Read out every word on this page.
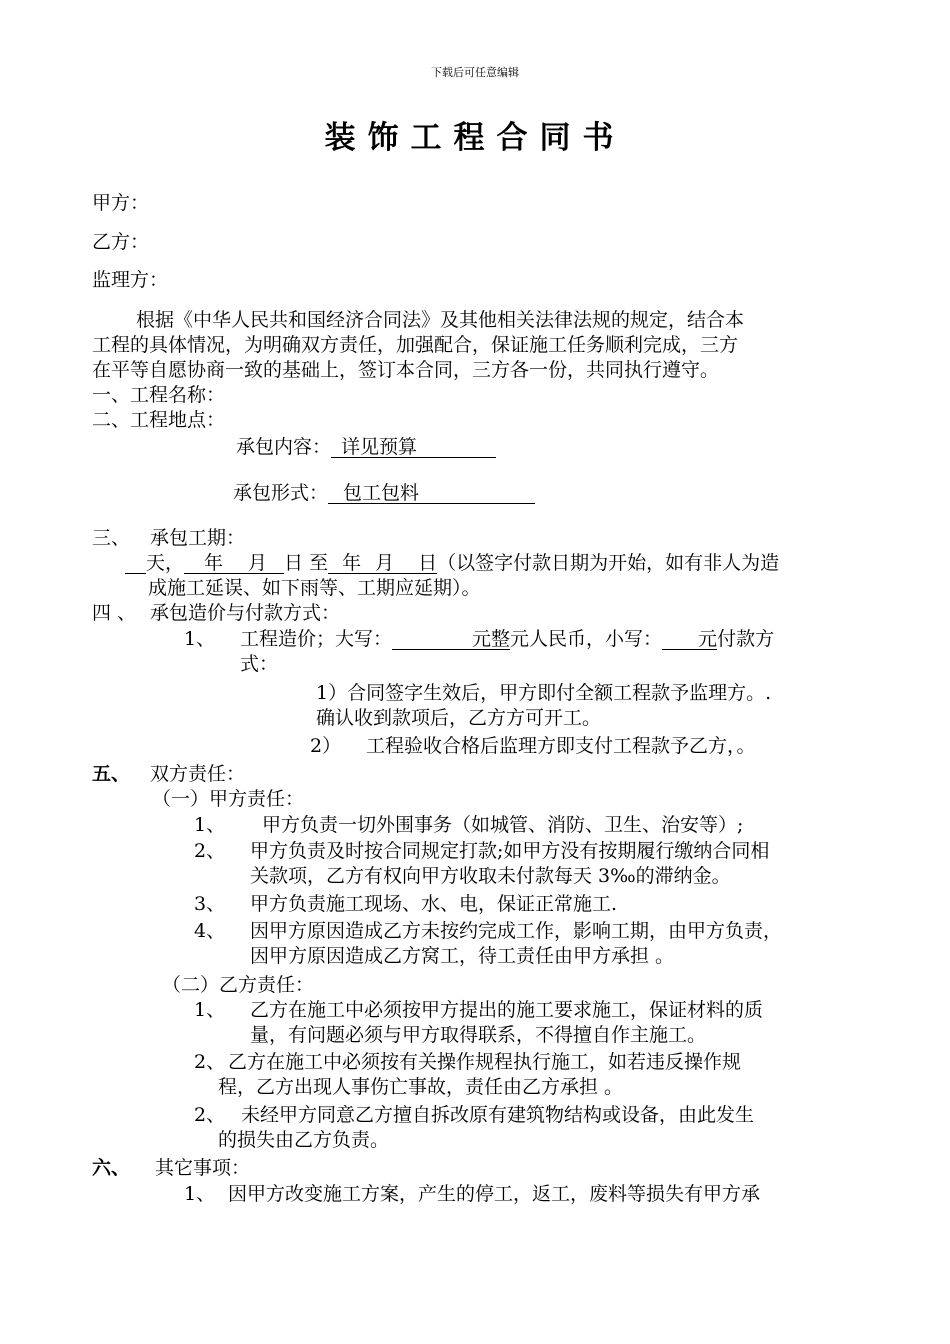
下载后可任意编辑
装饰工程合同书
甲方：
乙方：
监理方：
根据《中华人民共和国经济合同法》及其他相关法律法规的规定，结合本
工程的具体情况，为明确双方责任，加强配合，保证施工任务顺利完成，三方
在平等自愿协商一致的基础上，签订本合同，三方各一份，共同执行遵守。
一、工程名称：
二、工程地点：
承包内容： 详见预算
承包形式： 包工包料
三、 承包工期：
天， 年 月 日 至 年 月 日（以签字付款日期为开始，如有非人为造
成施工延误、如下雨等、工期应延期）。
四 、 承包造价与付款方式：
1、 工程造价；大写：	元整元人民币，小写： 元付款方
式：
1）合同签字生效后，甲方即付全额工程款予监理方。.
确认收到款项后，乙方方可开工。
2） 工程验收合格后监理方即支付工程款予乙方，。
五、 双方责任：
（一）甲方责任：
1、 甲方负责一切外围事务（如城管、消防、卫生、治安等）;
2、 甲方负责及时按合同规定打款;如甲方没有按期履行缴纳合同相
关款项，乙方有权向甲方收取未付款每天 3‰的滞纳金。
3、 甲方负责施工现场、水、电，保证正常施工.
4、 因甲方原因造成乙方未按约完成工作，影响工期，由甲方负责，
因甲方原因造成乙方窝工，待工责任由甲方承担 。
（二）乙方责任：
1、 乙方在施工中必须按甲方提出的施工要求施工，保证材料的质
量，有问题必须与甲方取得联系，不得擅自作主施工。
2、 乙方在施工中必须按有关操作规程执行施工，如若违反操作规
程，乙方出现人事伤亡事故，责任由乙方承担 。
2、 未经甲方同意乙方擅自拆改原有建筑物结构或设备，由此发生
的损失由乙方负责。
六、 其它事项：
1、 因甲方改变施工方案，产生的停工，返工，废料等损失有甲方承
